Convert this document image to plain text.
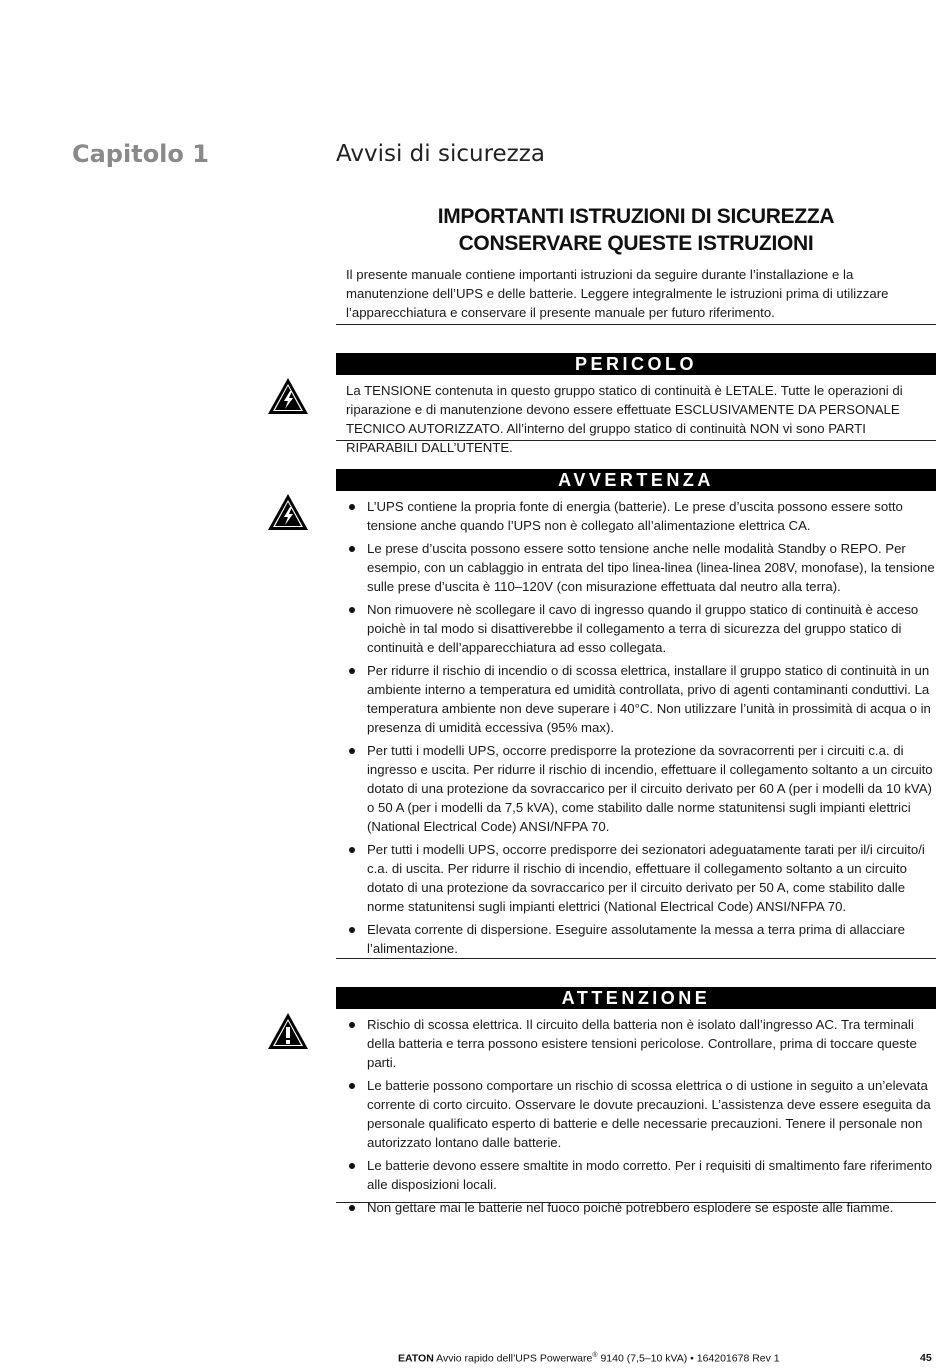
Capitolo 1	Avvisi di sicurezza
IMPORTANTI ISTRUZIONI DI SICUREZZA
CONSERVARE QUESTE ISTRUZIONI
Il presente manuale contiene importanti istruzioni da seguire durante l’installazione e la manutenzione dell’UPS e delle batterie. Leggere integralmente le istruzioni prima di utilizzare l’apparecchiatura e conservare il presente manuale per futuro riferimento.
PERICOLO
La TENSIONE contenuta in questo gruppo statico di continuità è LETALE. Tutte le operazioni di riparazione e di manutenzione devono essere effettuate ESCLUSIVAMENTE DA PERSONALE TECNICO AUTORIZZATO. All’interno del gruppo statico di continuità NON vi sono PARTI RIPARABILI DALL’UTENTE.
AVVERTENZA
L’UPS contiene la propria fonte di energia (batterie). Le prese d’uscita possono essere sotto tensione anche quando l’UPS non è collegato all’alimentazione elettrica CA.
Le prese d’uscita possono essere sotto tensione anche nelle modalità Standby o REPO. Per esempio, con un cablaggio in entrata del tipo linea-linea (linea-linea 208V, monofase), la tensione sulle prese d’uscita è 110–120V (con misurazione effettuata dal neutro alla terra).
Non rimuovere nè scollegare il cavo di ingresso quando il gruppo statico di continuità è acceso poichè in tal modo si disattiverebbe il collegamento a terra di sicurezza del gruppo statico di continuità e dell’apparecchiatura ad esso collegata.
Per ridurre il rischio di incendio o di scossa elettrica, installare il gruppo statico di continuità in un ambiente interno a temperatura ed umidità controllata, privo di agenti contaminanti conduttivi. La temperatura ambiente non deve superare i 40°C. Non utilizzare l’unità in prossimità di acqua o in presenza di umidità eccessiva (95% max).
Per tutti i modelli UPS, occorre predisporre la protezione da sovracorrenti per i circuiti c.a. di ingresso e uscita. Per ridurre il rischio di incendio, effettuare il collegamento soltanto a un circuito dotato di una protezione da sovraccarico per il circuito derivato per 60 A (per i modelli da 10 kVA) o 50 A (per i modelli da 7,5 kVA), come stabilito dalle norme statunitensi sugli impianti elettrici (National Electrical Code) ANSI/NFPA 70.
Per tutti i modelli UPS, occorre predisporre dei sezionatori adeguatamente tarati per il/i circuito/i c.a. di uscita. Per ridurre il rischio di incendio, effettuare il collegamento soltanto a un circuito dotato di una protezione da sovraccarico per il circuito derivato per 50 A, come stabilito dalle norme statunitensi sugli impianti elettrici (National Electrical Code) ANSI/NFPA 70.
Elevata corrente di dispersione. Eseguire assolutamente la messa a terra prima di allacciare l’alimentazione.
ATTENZIONE
Rischio di scossa elettrica. Il circuito della batteria non è isolato dall’ingresso AC. Tra terminali della batteria e terra possono esistere tensioni pericolose. Controllare, prima di toccare queste parti.
Le batterie possono comportare un rischio di scossa elettrica o di ustione in seguito a un’elevata corrente di corto circuito. Osservare le dovute precauzioni. L’assistenza deve essere eseguita da personale qualificato esperto di batterie e delle necessarie precauzioni. Tenere il personale non autorizzato lontano dalle batterie.
Le batterie devono essere smaltite in modo corretto. Per i requisiti di smaltimento fare riferimento alle disposizioni locali.
Non gettare mai le batterie nel fuoco poichè potrebbero esplodere se esposte alle fiamme.
EATON Avvio rapido dell’UPS Powerware® 9140 (7,5–10 kVA) • 164201678 Rev 1	45
